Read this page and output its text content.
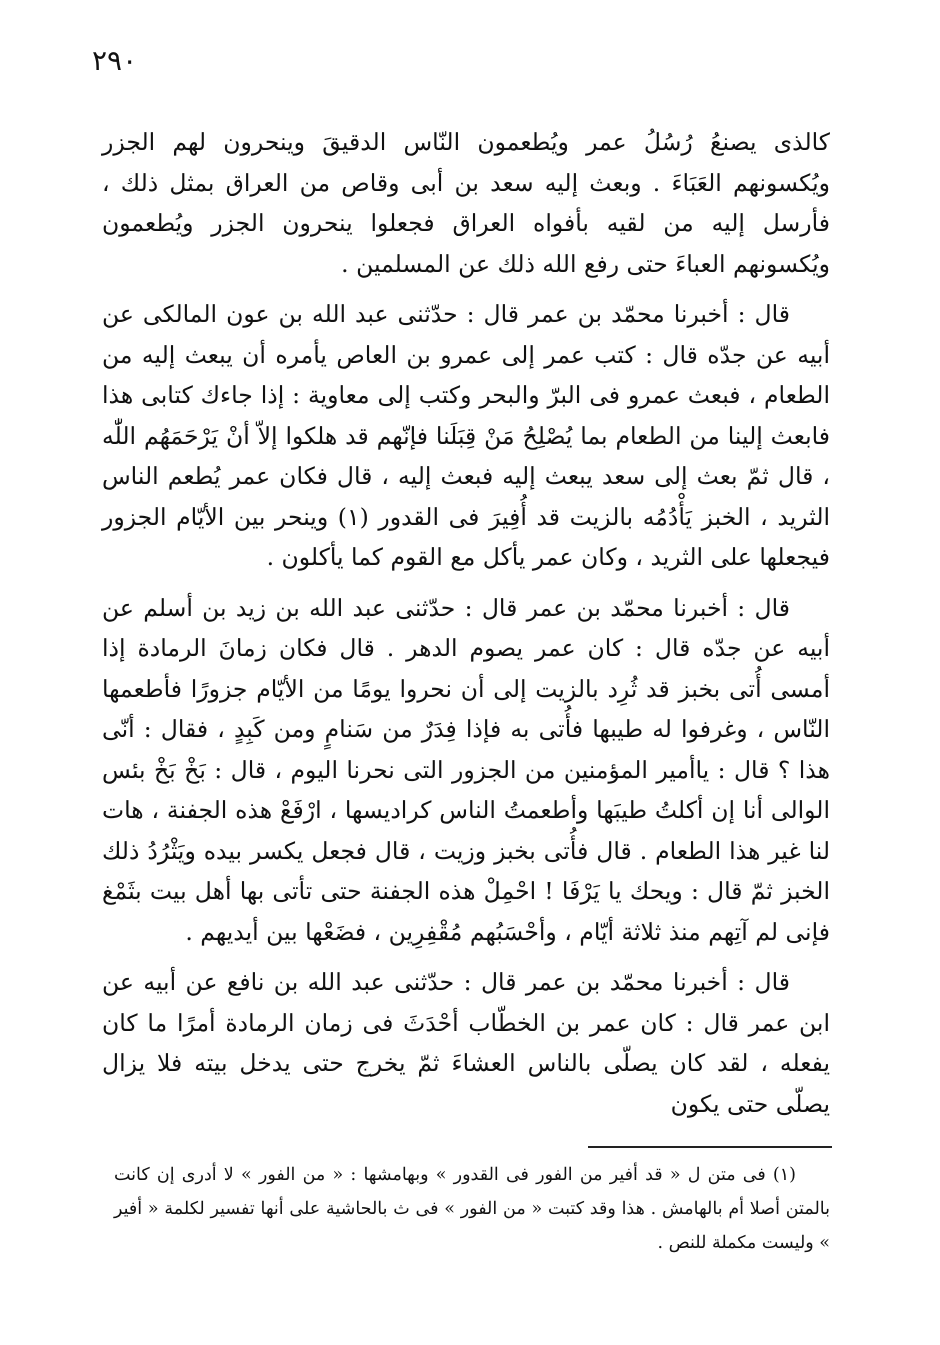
٢٩٠

كالذى يصنعُ رُسُلُ عمر ويُطعمون النّاس الدقيقَ وينحرون لهم الجزر ويُكسونهم العَبَاءَ . وبعث إليه سعد بن أبى وقاص من العراق بمثل ذلك ، فأرسل إليه من لقيه بأفواه العراق فجعلوا ينحرون الجزر ويُطعمون ويُكسونهم العباءَ حتى رفع الله ذلك عن المسلمين .

قال : أخبرنا محمّد بن عمر قال : حدّثنى عبد الله بن عون المالكى عن أبيه عن جدّه قال : كتب عمر إلى عمرو بن العاص يأمره أن يبعث إليه من الطعام ، فبعث عمرو فى البرّ والبحر وكتب إلى معاوية : إذا جاءك كتابى هذا فابعث إلينا من الطعام بما يُصْلِحُ مَنْ قِبَلَنا فإنّهم قد هلكوا إلاّ أنْ يَرْحَمَهُم اللّٰه ، قال ثمّ بعث إلى سعد يبعث إليه فبعث إليه ، قال فكان عمر يُطعم الناس الثريد ، الخبز يَأْدُمُه بالزيت قد أُفِيرَ فى القدور (١) وينحر بين الأيّام الجزور فيجعلها على الثريد ، وكان عمر يأكل مع القوم كما يأكلون .

قال : أخبرنا محمّد بن عمر قال : حدّثنى عبد الله بن زيد بن أسلم عن أبيه عن جدّه قال : كان عمر يصوم الدهر . قال فكان زمانَ الرمادة إذا أمسى أُتى بخبز قد ثُرِد بالزيت إلى أن نحروا يومًا من الأيّام جزورًا فأطعمها النّاس ، وغرفوا له طيبها فأُتى به فإذا فِدَرٌ من سَنامٍ ومن كَبِدٍ ، فقال : أنّى هذا ؟ قال : ياأمير المؤمنين من الجزور التى نحرنا اليوم ، قال : بَخْ بَخْ بئس الوالى أنا إن أكلتُ طيبَها وأطعمتُ الناس كراديسها ، ارْفَعْ هذه الجفنة ، هات لنا غير هذا الطعام . قال فأُتى بخبز وزيت ، قال فجعل يكسر بيده ويَثْرُدُ ذلك الخبز ثمّ قال : ويحك يا يَرْفَا ! احْمِلْ هذه الجفنة حتى تأتى بها أهل بيت بثَمْغ فإنى لم آتِهم منذ ثلاثة أيّام ، وأحْسَبُهم مُقْفِرِين ، فضَعْها بين أيديهم .

قال : أخبرنا محمّد بن عمر قال : حدّثنى عبد الله بن نافع عن أبيه عن ابن عمر قال : كان عمر بن الخطّاب أحْدَثَ فى زمان الرمادة أمرًا ما كان يفعله ، لقد كان يصلّى بالناس العشاءَ ثمّ يخرج حتى يدخل بيته فلا يزال يصلّى حتى يكون

(١) فى متن ل « قد أفير من الفور فى القدور » وبهامشها : « من الفور » لا أدرى إن كانت بالمتن أصلا أم بالهامش . هذا وقد كتبت « من الفور » فى ث بالحاشية على أنها تفسير لكلمة « أفير » وليست مكملة للنص .
